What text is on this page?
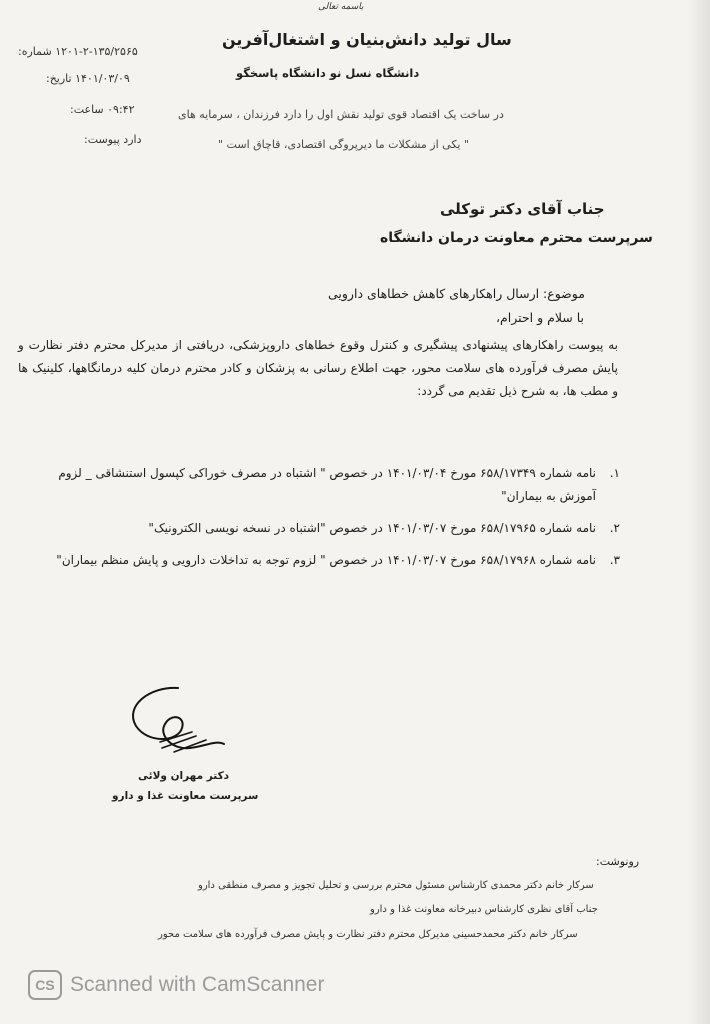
باسمه تعالی
سال تولید دانش‌بنیان و اشتغال‌آفرین
دانشگاه نسل نو دانشگاه پاسخگو
در ساخت یک اقتصاد قوی تولید نقش اول را دارد فرزندان ، سرمایه های
" یکی از مشکلات ما دیرپروگی اقتصادی، قاچاق است "
شماره: ۱۲۰۱-۲-۱۳۵/۲۵۶۵
تاریخ: ۱۴۰۱/۰۳/۰۹
ساعت: ۰۹:۴۲
پیوست: دارد
جناب آقای دکتر توکلی
سرپرست محترم معاونت درمان دانشگاه
موضوع: ارسال راهکارهای کاهش خطاهای دارویی
با سلام و احترام،
به پیوست راهکارهای پیشنهادی پیشگیری و کنترل وقوع خطاهای داروپزشکی، دریافتی از مدیرکل محترم دفتر نظارت و پایش مصرف فرآورده های سلامت محور، جهت اطلاع رسانی به پزشکان و کادر محترم درمان کلیه درمانگاهها، کلینیک ها و مطب ها، به شرح ذیل تقدیم می گردد:
۱.
نامه شماره ۶۵۸/۱۷۳۴۹ مورخ ۱۴۰۱/۰۳/۰۴ در خصوص " اشتباه در مصرف خوراکی کپسول استنشاقی _ لزوم آموزش به بیماران"
۲.
نامه شماره ۶۵۸/۱۷۹۶۵ مورخ ۱۴۰۱/۰۳/۰۷ در خصوص "اشتباه در نسخه نویسی الکترونیک"
۳.
نامه شماره ۶۵۸/۱۷۹۶۸ مورخ ۱۴۰۱/۰۳/۰۷ در خصوص " لزوم توجه به تداخلات دارویی و پایش منظم بیماران"
دکتر مهران ولائی
سرپرست معاونت غذا و دارو
رونوشت:
سرکار خانم دکتر محمدی کارشناس مسئول محترم بررسی و تحلیل تجویز و مصرف منطقی دارو
جناب آقای نظری کارشناس دبیرخانه معاونت غذا و دارو
سرکار خانم دکتر محمدحسینی مدیرکل محترم دفتر نظارت و پایش مصرف فرآورده های سلامت محور
CS Scanned with CamScanner
